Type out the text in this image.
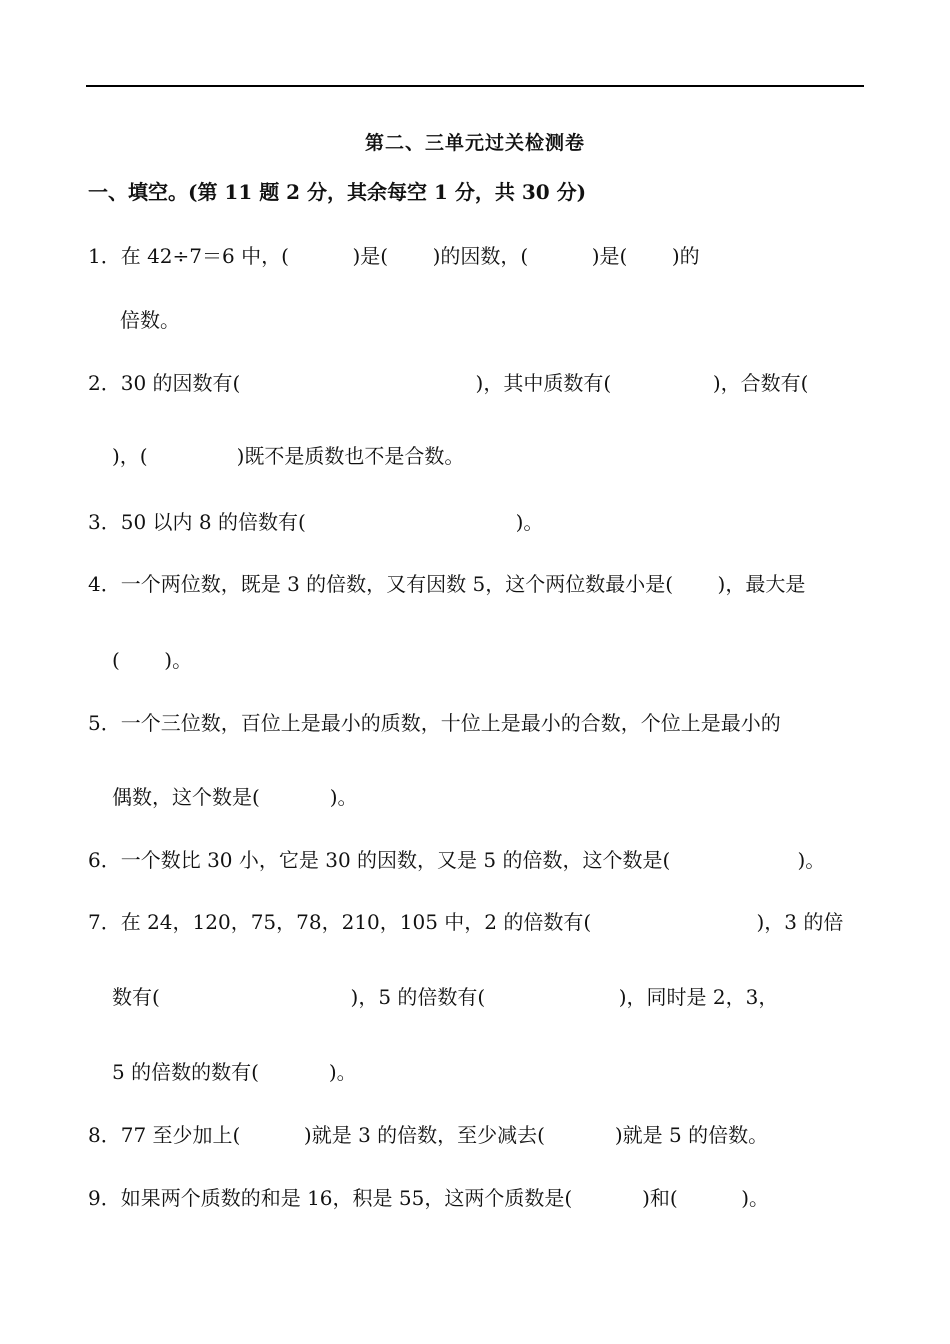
第二、三单元过关检测卷
一、填空。(第 11 题 2 分，其余每空 1 分，共 30 分)
1．在 42÷7＝6 中，(          )是(       )的因数，(          )是(       )的
倍数。
2．30 的因数有(                                     )，其中质数有(                )，合数有(
)，(              )既不是质数也不是合数。
3．50 以内 8 的倍数有(                                 )。
4．一个两位数，既是 3 的倍数，又有因数 5，这个两位数最小是(       )，最大是
(       )。
5．一个三位数，百位上是最小的质数，十位上是最小的合数，个位上是最小的
偶数，这个数是(           )。
6．一个数比 30 小，它是 30 的因数，又是 5 的倍数，这个数是(                    )。
7．在 24，120，75，78，210，105 中，2 的倍数有(                          )，3 的倍
数有(                              )，5 的倍数有(                     )，同时是 2，3，
5 的倍数的数有(           )。
8．77 至少加上(          )就是 3 的倍数，至少减去(           )就是 5 的倍数。
9．如果两个质数的和是 16，积是 55，这两个质数是(           )和(          )。
